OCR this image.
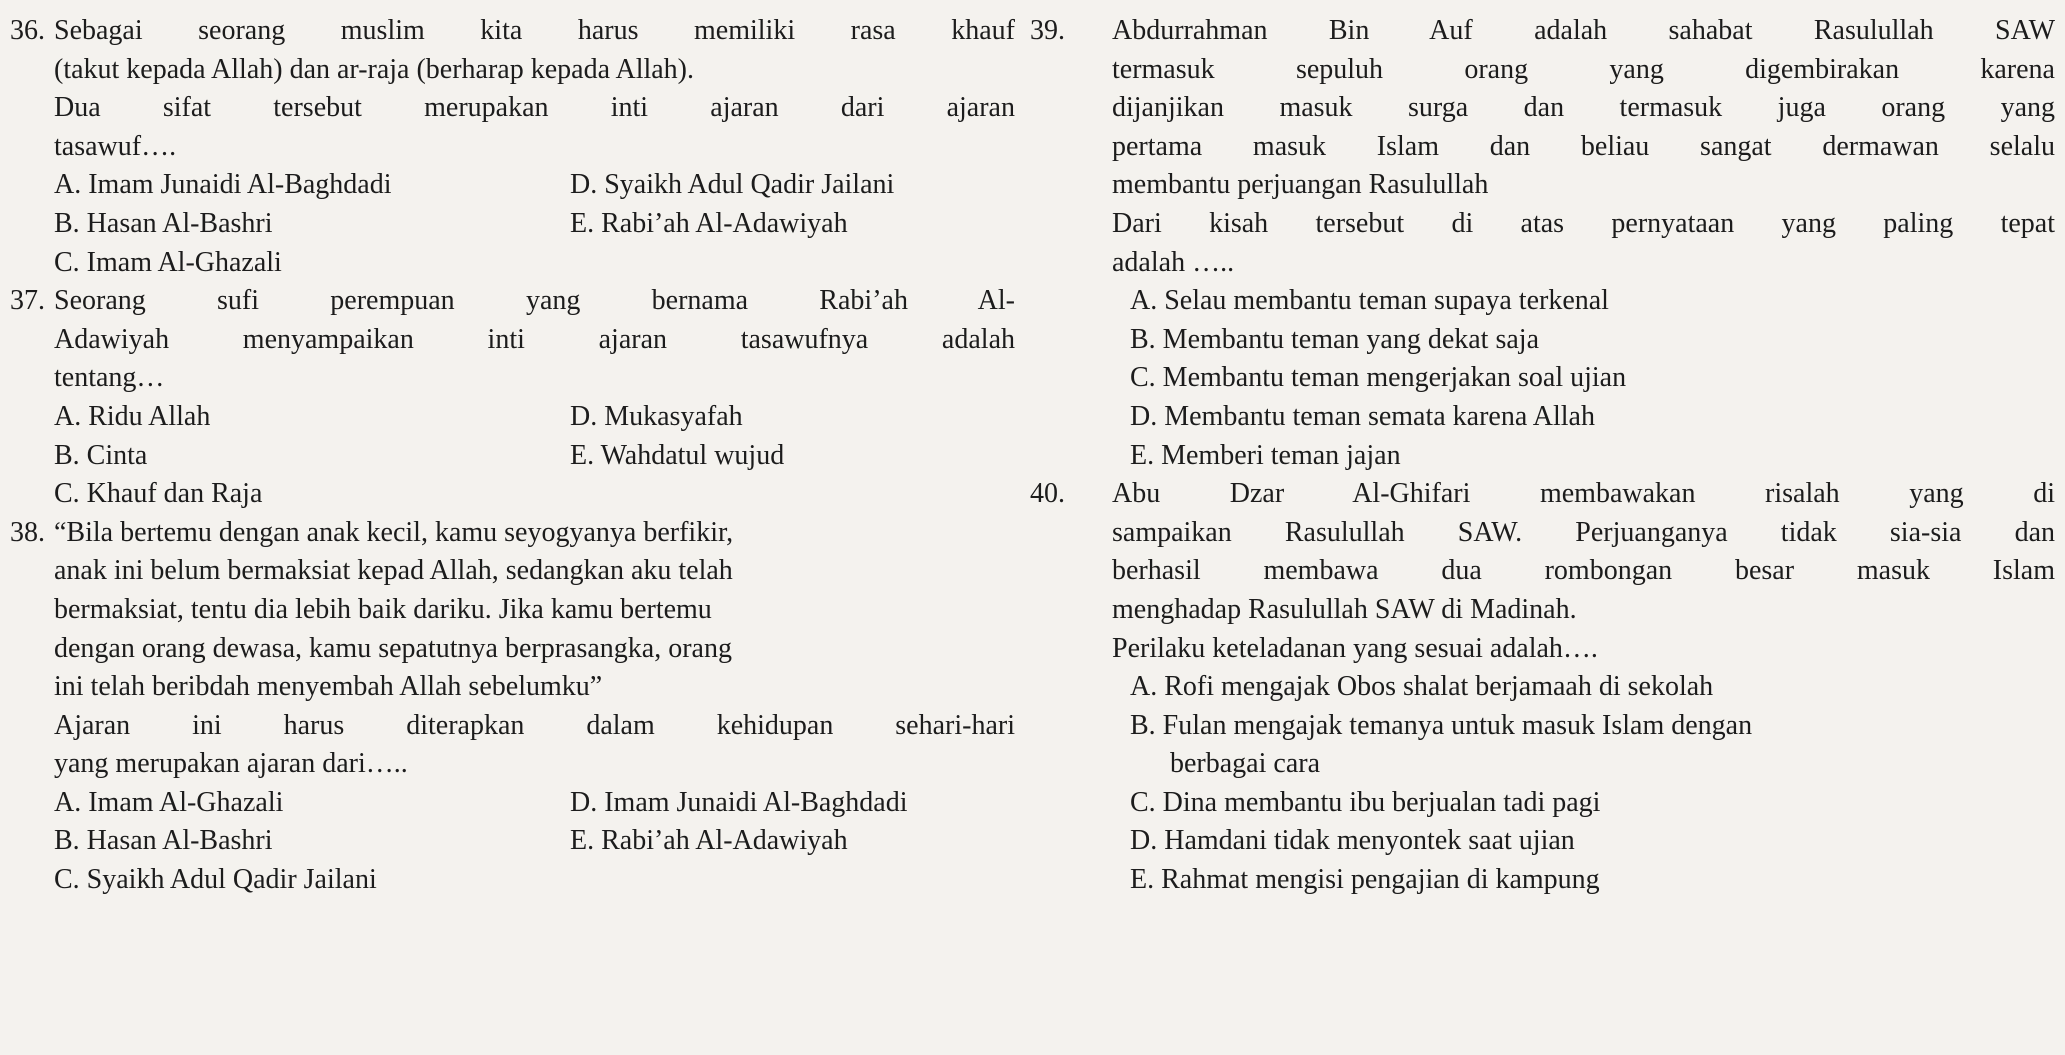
36. Sebagai seorang muslim kita harus memiliki rasa khauf
(takut kepada Allah) dan ar-raja (berharap kepada Allah).
Dua sifat tersebut merupakan inti ajaran dari ajaran
tasawuf….
A. Imam Junaidi Al-Baghdadi	D. Syaikh Adul Qadir Jailani
B. Hasan Al-Bashri	E. Rabi’ah Al-Adawiyah
C. Imam Al-Ghazali
37. Seorang sufi perempuan yang bernama Rabi’ah Al-
Adawiyah menyampaikan inti ajaran tasawufnya adalah
tentang…
A. Ridu Allah	D. Mukasyafah
B. Cinta	E. Wahdatul wujud
C. Khauf dan Raja
38. “Bila bertemu dengan anak kecil, kamu seyogyanya berfikir,
anak ini belum bermaksiat kepad Allah, sedangkan aku telah
bermaksiat, tentu dia lebih baik dariku. Jika kamu bertemu
dengan orang dewasa, kamu sepatutnya berprasangka, orang
ini telah beribdah menyembah Allah sebelumku”
Ajaran ini harus diterapkan dalam kehidupan sehari-hari
yang merupakan ajaran dari…..
A. Imam Al-Ghazali	D. Imam Junaidi Al-Baghdadi
B. Hasan Al-Bashri	E. Rabi’ah Al-Adawiyah
C. Syaikh Adul Qadir Jailani
39. Abdurrahman Bin Auf adalah sahabat Rasulullah SAW
termasuk sepuluh orang yang digembirakan karena
dijanjikan masuk surga dan termasuk juga orang yang
pertama masuk Islam dan beliau sangat dermawan selalu
membantu perjuangan Rasulullah
Dari kisah tersebut di atas pernyataan yang paling tepat
adalah …..
A. Selau membantu teman supaya terkenal
B. Membantu teman yang dekat saja
C. Membantu teman mengerjakan soal ujian
D. Membantu teman semata karena Allah
E. Memberi teman jajan
40. Abu Dzar Al-Ghifari membawakan risalah yang di
sampaikan Rasulullah SAW. Perjuanganya tidak sia-sia dan
berhasil membawa dua rombongan besar masuk Islam
menghadap Rasulullah SAW di Madinah.
Perilaku keteladanan yang sesuai adalah….
A. Rofi mengajak Obos shalat berjamaah di sekolah
B. Fulan mengajak temanya untuk masuk Islam dengan
berbagai cara
C. Dina membantu ibu berjualan tadi pagi
D. Hamdani tidak menyontek saat ujian
E. Rahmat mengisi pengajian di kampung
